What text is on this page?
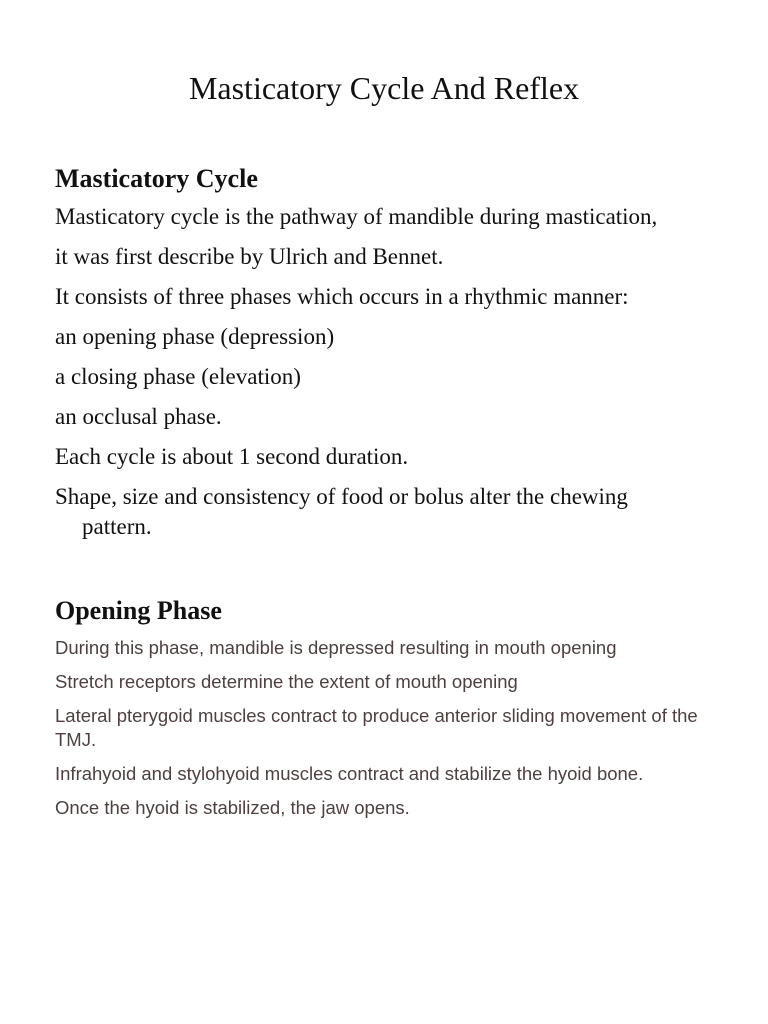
Masticatory Cycle And Reflex
Masticatory Cycle
Masticatory cycle is the pathway of mandible during mastication,
it was first describe by Ulrich and Bennet.
It consists of three phases which occurs in a rhythmic manner:
an opening phase (depression)
a closing phase (elevation)
an occlusal phase.
Each cycle is about 1 second duration.
Shape, size and consistency of food or bolus alter the chewing pattern.
Opening Phase
During this phase, mandible is depressed resulting in mouth opening
Stretch receptors determine the extent of mouth opening
Lateral pterygoid muscles contract to produce anterior sliding movement of the TMJ.
Infrahyoid and stylohyoid muscles contract and stabilize the hyoid bone.
Once the hyoid is stabilized, the jaw opens.
